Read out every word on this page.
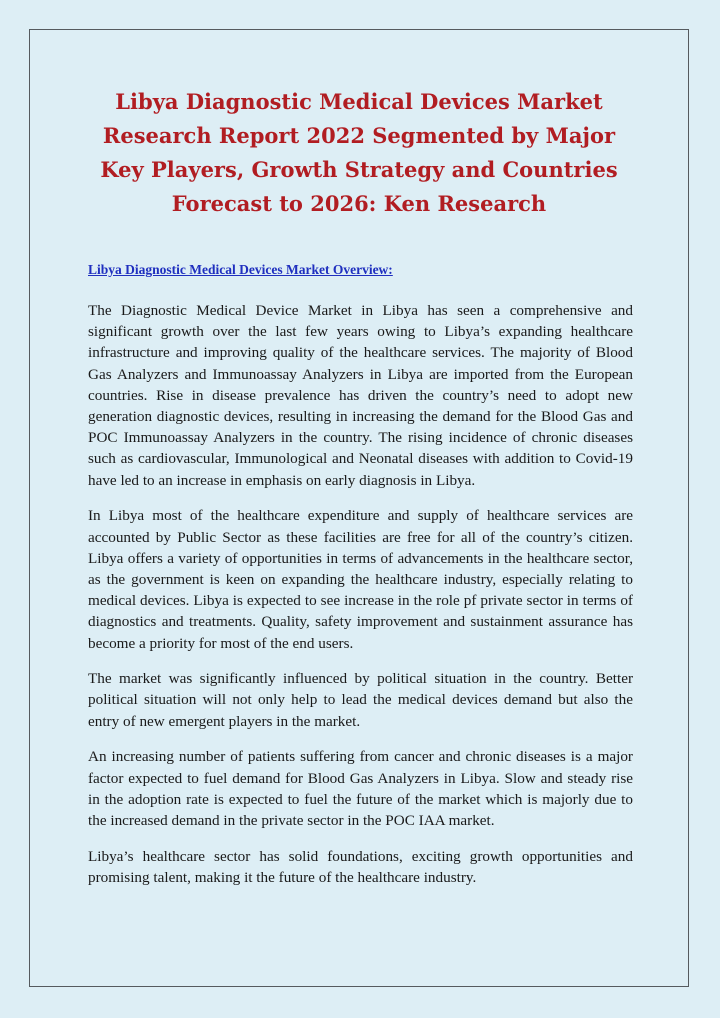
Libya Diagnostic Medical Devices Market Research Report 2022 Segmented by Major Key Players, Growth Strategy and Countries Forecast to 2026: Ken Research
Libya Diagnostic Medical Devices Market Overview:

The Diagnostic Medical Device Market in Libya has seen a comprehensive and significant growth over the last few years owing to Libya’s expanding healthcare infrastructure and improving quality of the healthcare services. The majority of Blood Gas Analyzers and Immunoassay Analyzers in Libya are imported from the European countries. Rise in disease prevalence has driven the country’s need to adopt new generation diagnostic devices, resulting in increasing the demand for the Blood Gas and POC Immunoassay Analyzers in the country. The rising incidence of chronic diseases such as cardiovascular, Immunological and Neonatal diseases with addition to Covid-19 have led to an increase in emphasis on early diagnosis in Libya.

In Libya most of the healthcare expenditure and supply of healthcare services are accounted by Public Sector as these facilities are free for all of the country’s citizen. Libya offers a variety of opportunities in terms of advancements in the healthcare sector, as the government is keen on expanding the healthcare industry, especially relating to medical devices. Libya is expected to see increase in the role pf private sector in terms of diagnostics and treatments. Quality, safety improvement and sustainment assurance has become a priority for most of the end users.

The market was significantly influenced by political situation in the country. Better political situation will not only help to lead the medical devices demand but also the entry of new emergent players in the market.

An increasing number of patients suffering from cancer and chronic diseases is a major factor expected to fuel demand for Blood Gas Analyzers in Libya. Slow and steady rise in the adoption rate is expected to fuel the future of the market which is majorly due to the increased demand in the private sector in the POC IAA market.

Libya’s healthcare sector has solid foundations, exciting growth opportunities and promising talent, making it the future of the healthcare industry.
